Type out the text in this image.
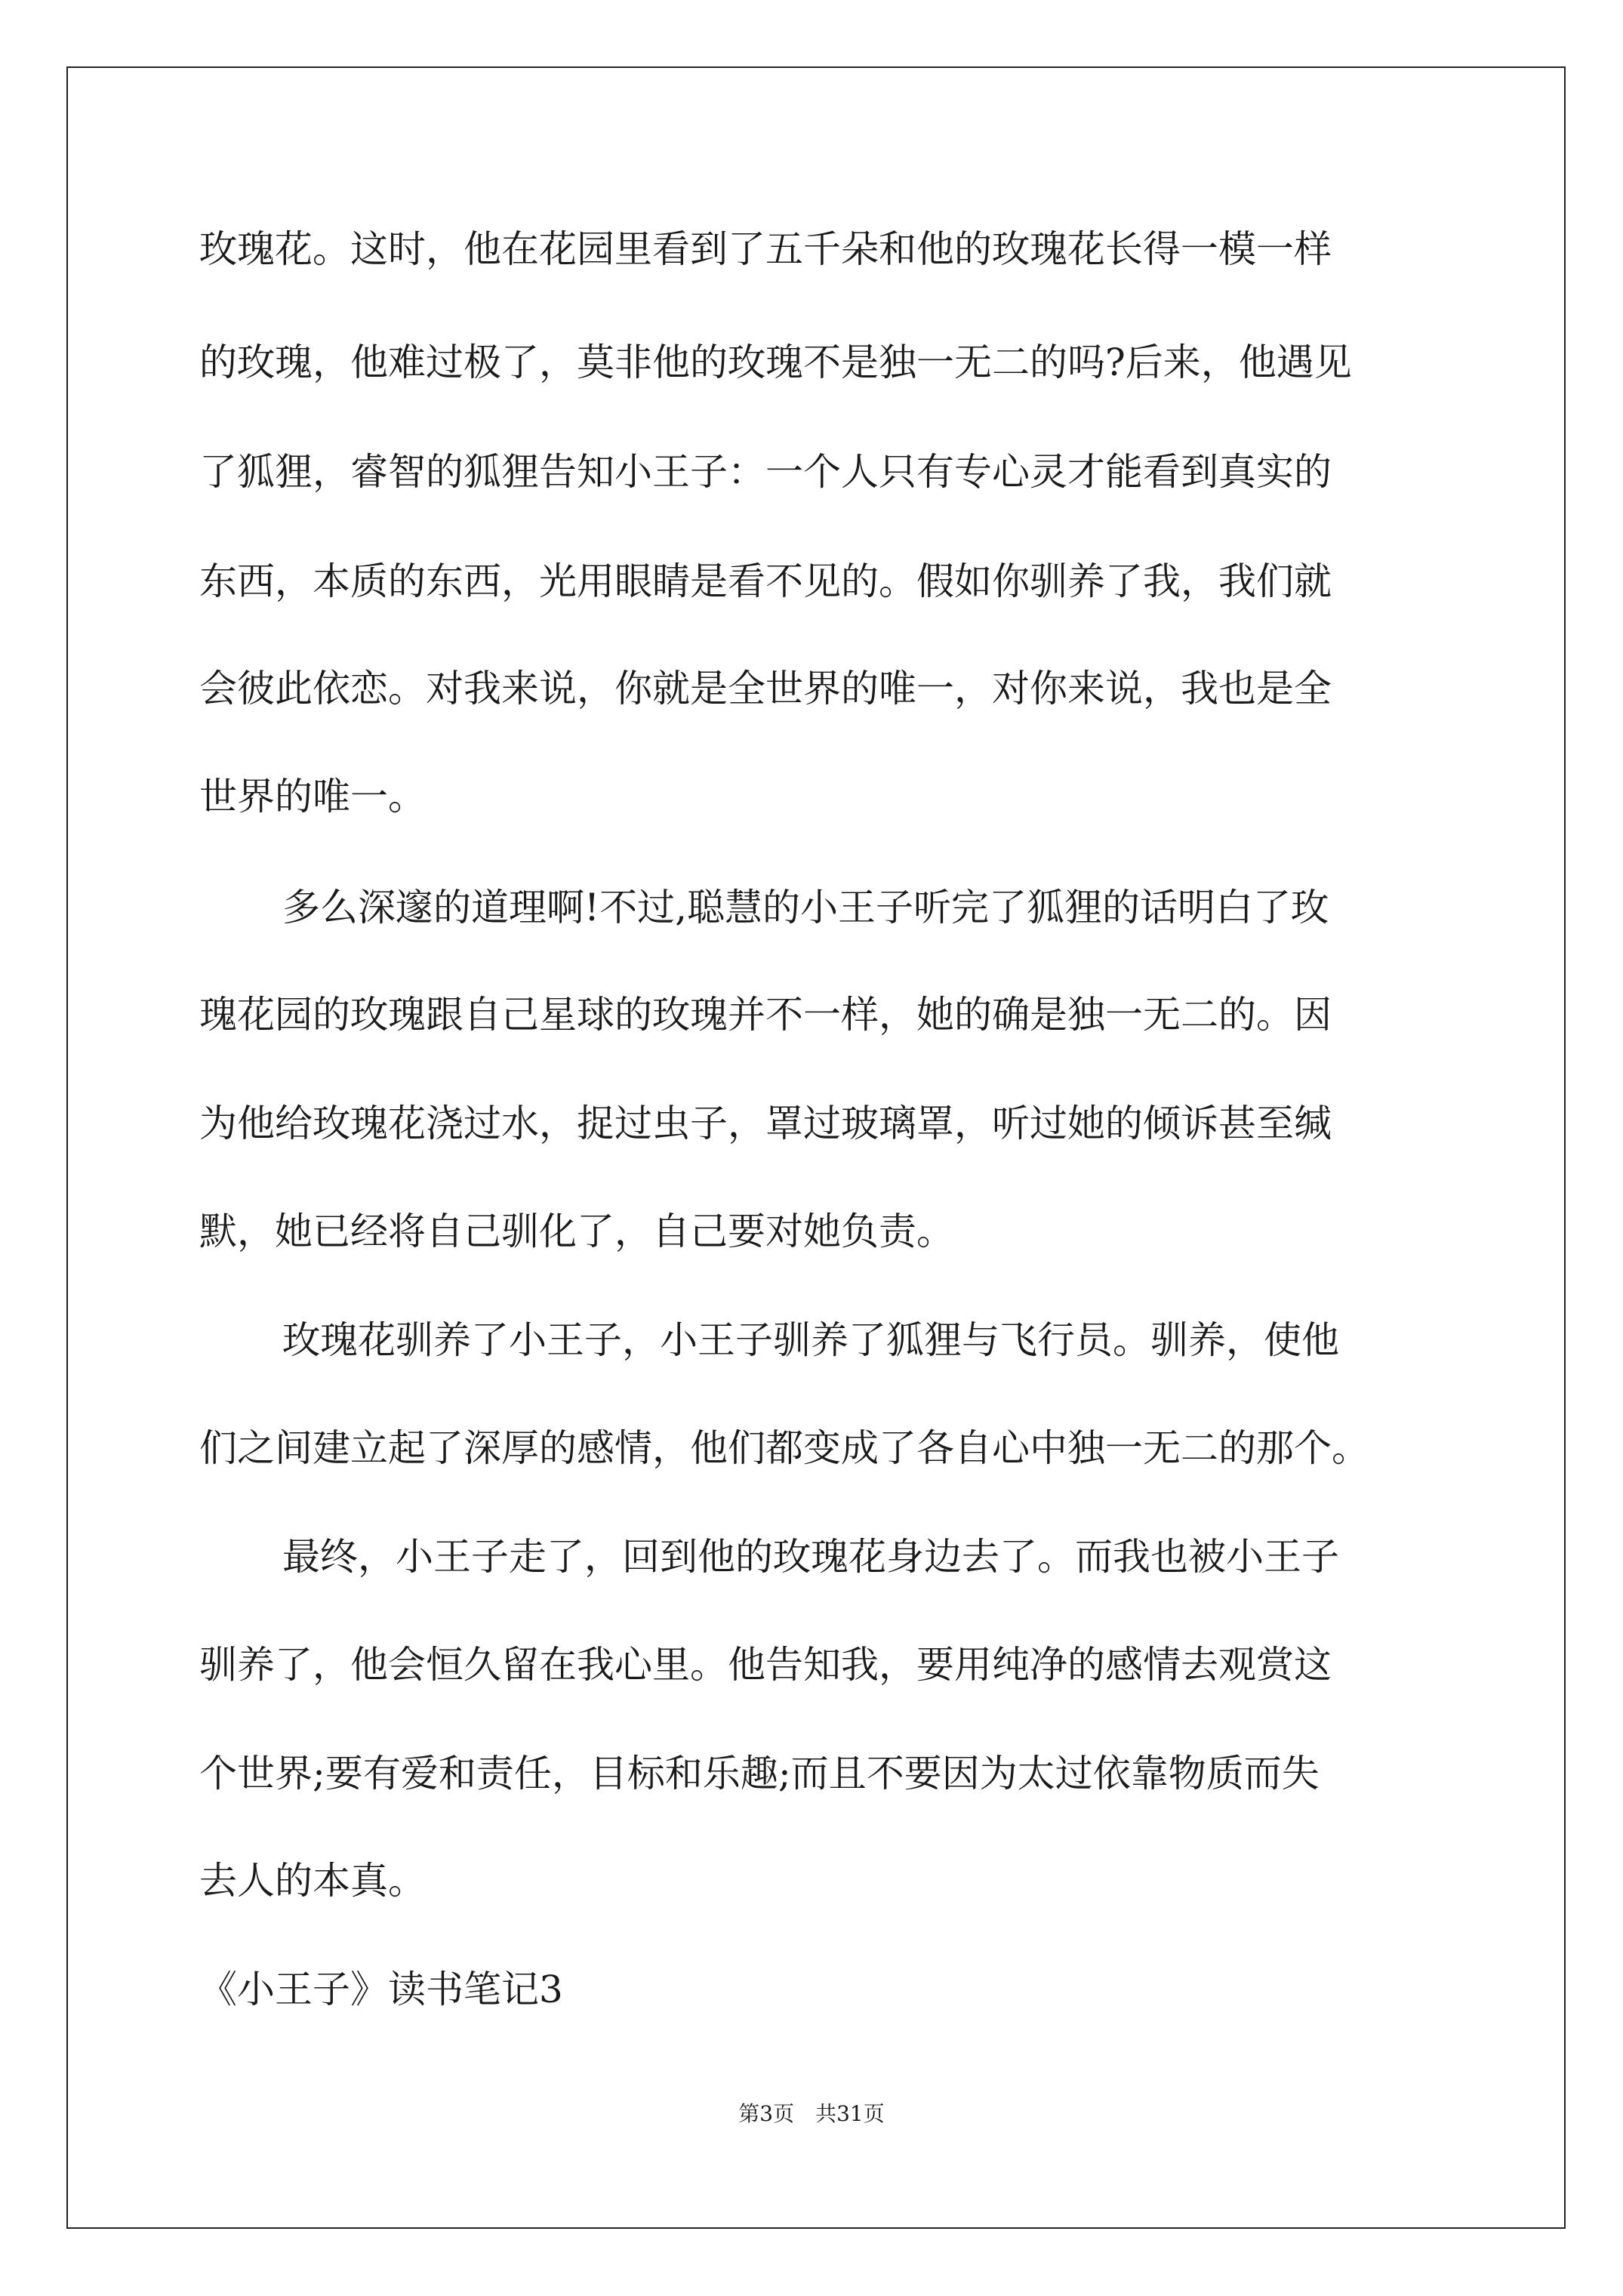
玫瑰花。这时，他在花园里看到了五千朵和他的玫瑰花长得一模一样
的玫瑰，他难过极了，莫非他的玫瑰不是独一无二的吗?后来，他遇见
了狐狸，睿智的狐狸告知小王子：一个人只有专心灵才能看到真实的
东西，本质的东西，光用眼睛是看不见的。假如你驯养了我，我们就
会彼此依恋。对我来说，你就是全世界的唯一，对你来说，我也是全
世界的唯一。
多么深邃的道理啊!不过,聪慧的小王子听完了狐狸的话明白了玫
瑰花园的玫瑰跟自己星球的玫瑰并不一样，她的确是独一无二的。因
为他给玫瑰花浇过水，捉过虫子，罩过玻璃罩，听过她的倾诉甚至缄
默，她已经将自己驯化了，自己要对她负责。
玫瑰花驯养了小王子，小王子驯养了狐狸与飞行员。驯养，使他
们之间建立起了深厚的感情，他们都变成了各自心中独一无二的那个。
最终，小王子走了，回到他的玫瑰花身边去了。而我也被小王子
驯养了，他会恒久留在我心里。他告知我，要用纯净的感情去观赏这
个世界;要有爱和责任，目标和乐趣;而且不要因为太过依靠物质而失
去人的本真。
《小王子》读书笔记3
第3页　共31页
